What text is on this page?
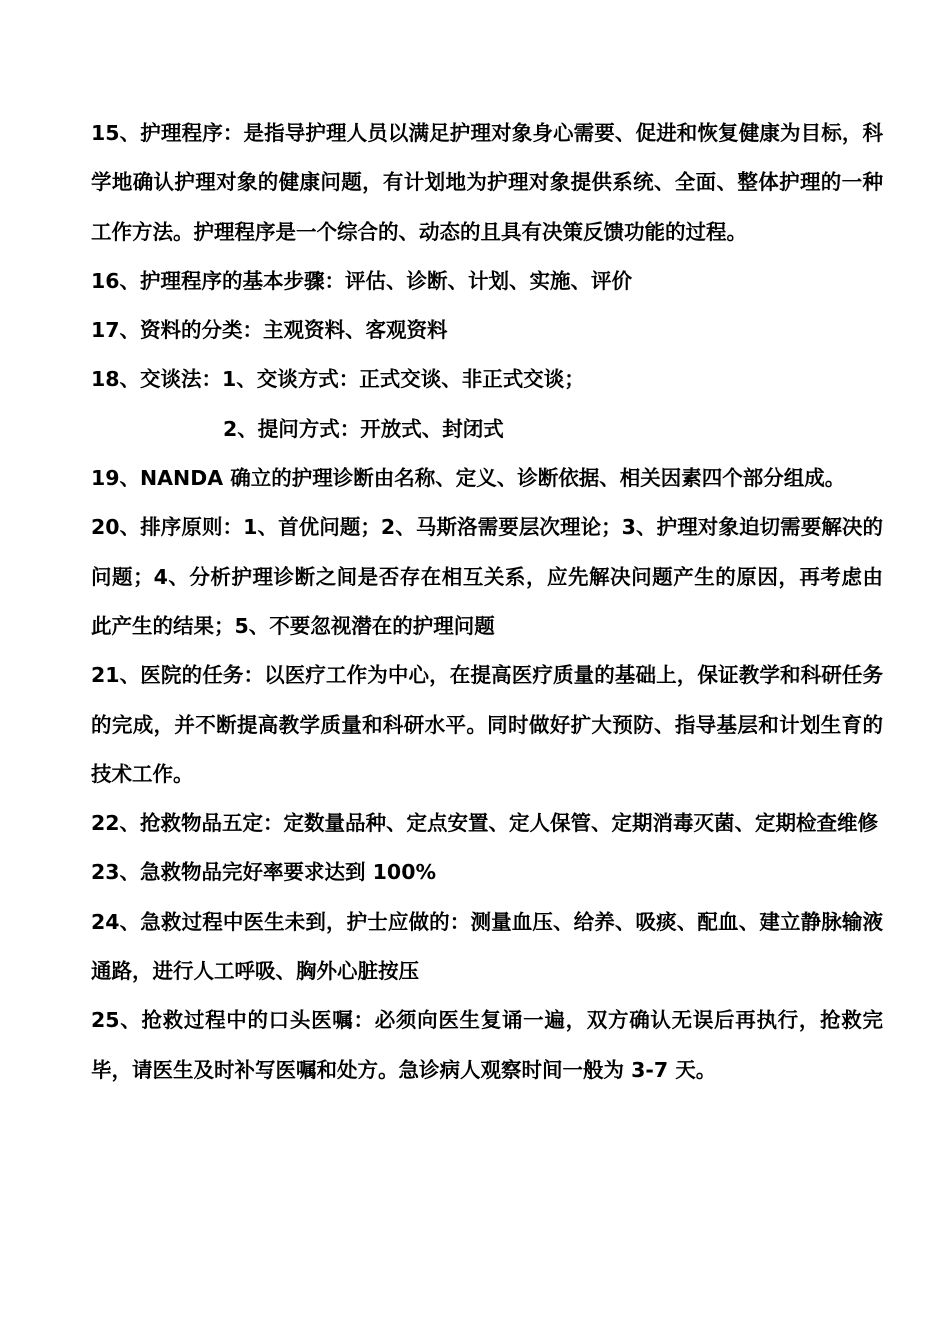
15、护理程序：是指导护理人员以满足护理对象身心需要、促进和恢复健康为目标，科学地确认护理对象的健康问题，有计划地为护理对象提供系统、全面、整体护理的一种工作方法。护理程序是一个综合的、动态的且具有决策反馈功能的过程。

16、护理程序的基本步骤：评估、诊断、计划、实施、评价

17、资料的分类：主观资料、客观资料

18、交谈法：1、交谈方式：正式交谈、非正式交谈；

2、提问方式：开放式、封闭式

19、NANDA 确立的护理诊断由名称、定义、诊断依据、相关因素四个部分组成。

20、排序原则：1、首优问题；2、马斯洛需要层次理论；3、护理对象迫切需要解决的问题；4、分析护理诊断之间是否存在相互关系，应先解决问题产生的原因，再考虑由此产生的结果；5、不要忽视潜在的护理问题

21、医院的任务：以医疗工作为中心，在提高医疗质量的基础上，保证教学和科研任务的完成，并不断提高教学质量和科研水平。同时做好扩大预防、指导基层和计划生育的技术工作。

22、抢救物品五定：定数量品种、定点安置、定人保管、定期消毒灭菌、定期检查维修

23、急救物品完好率要求达到 100%

24、急救过程中医生未到，护士应做的：测量血压、给养、吸痰、配血、建立静脉输液通路，进行人工呼吸、胸外心脏按压

25、抢救过程中的口头医嘱：必须向医生复诵一遍，双方确认无误后再执行，抢救完毕，请医生及时补写医嘱和处方。急诊病人观察时间一般为 3-7 天。
